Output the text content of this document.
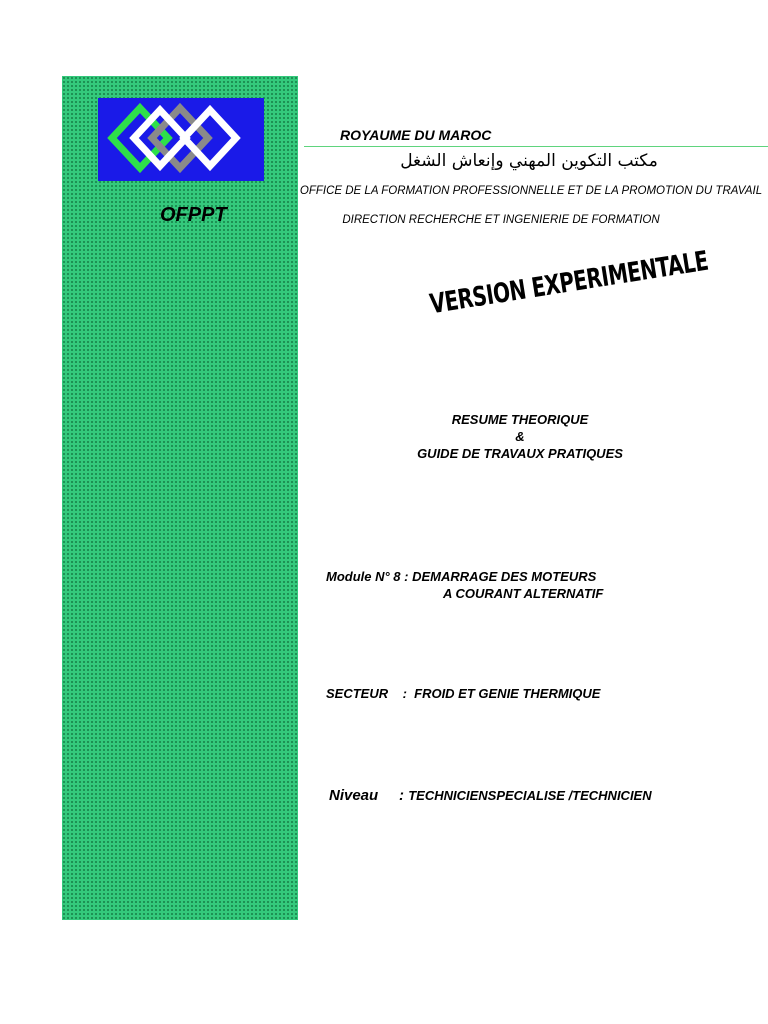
OFPPT
ROYAUME DU MAROC
مكتب التكوين المهني وإنعاش الشغل
OFFICE DE LA FORMATION PROFESSIONNELLE ET DE LA PROMOTION DU TRAVAIL
DIRECTION RECHERCHE ET INGENIERIE DE FORMATION
VERSION EXPERIMENTALE
RESUME THEORIQUE
&
GUIDE DE TRAVAUX PRATIQUES
Module N° 8 : DEMARRAGE DES MOTEURS
A COURANT ALTERNATIF
SECTEUR    :  FROID ET GENIE THERMIQUE
Niveau     : TECHNICIENSPECIALISE /TECHNICIEN
